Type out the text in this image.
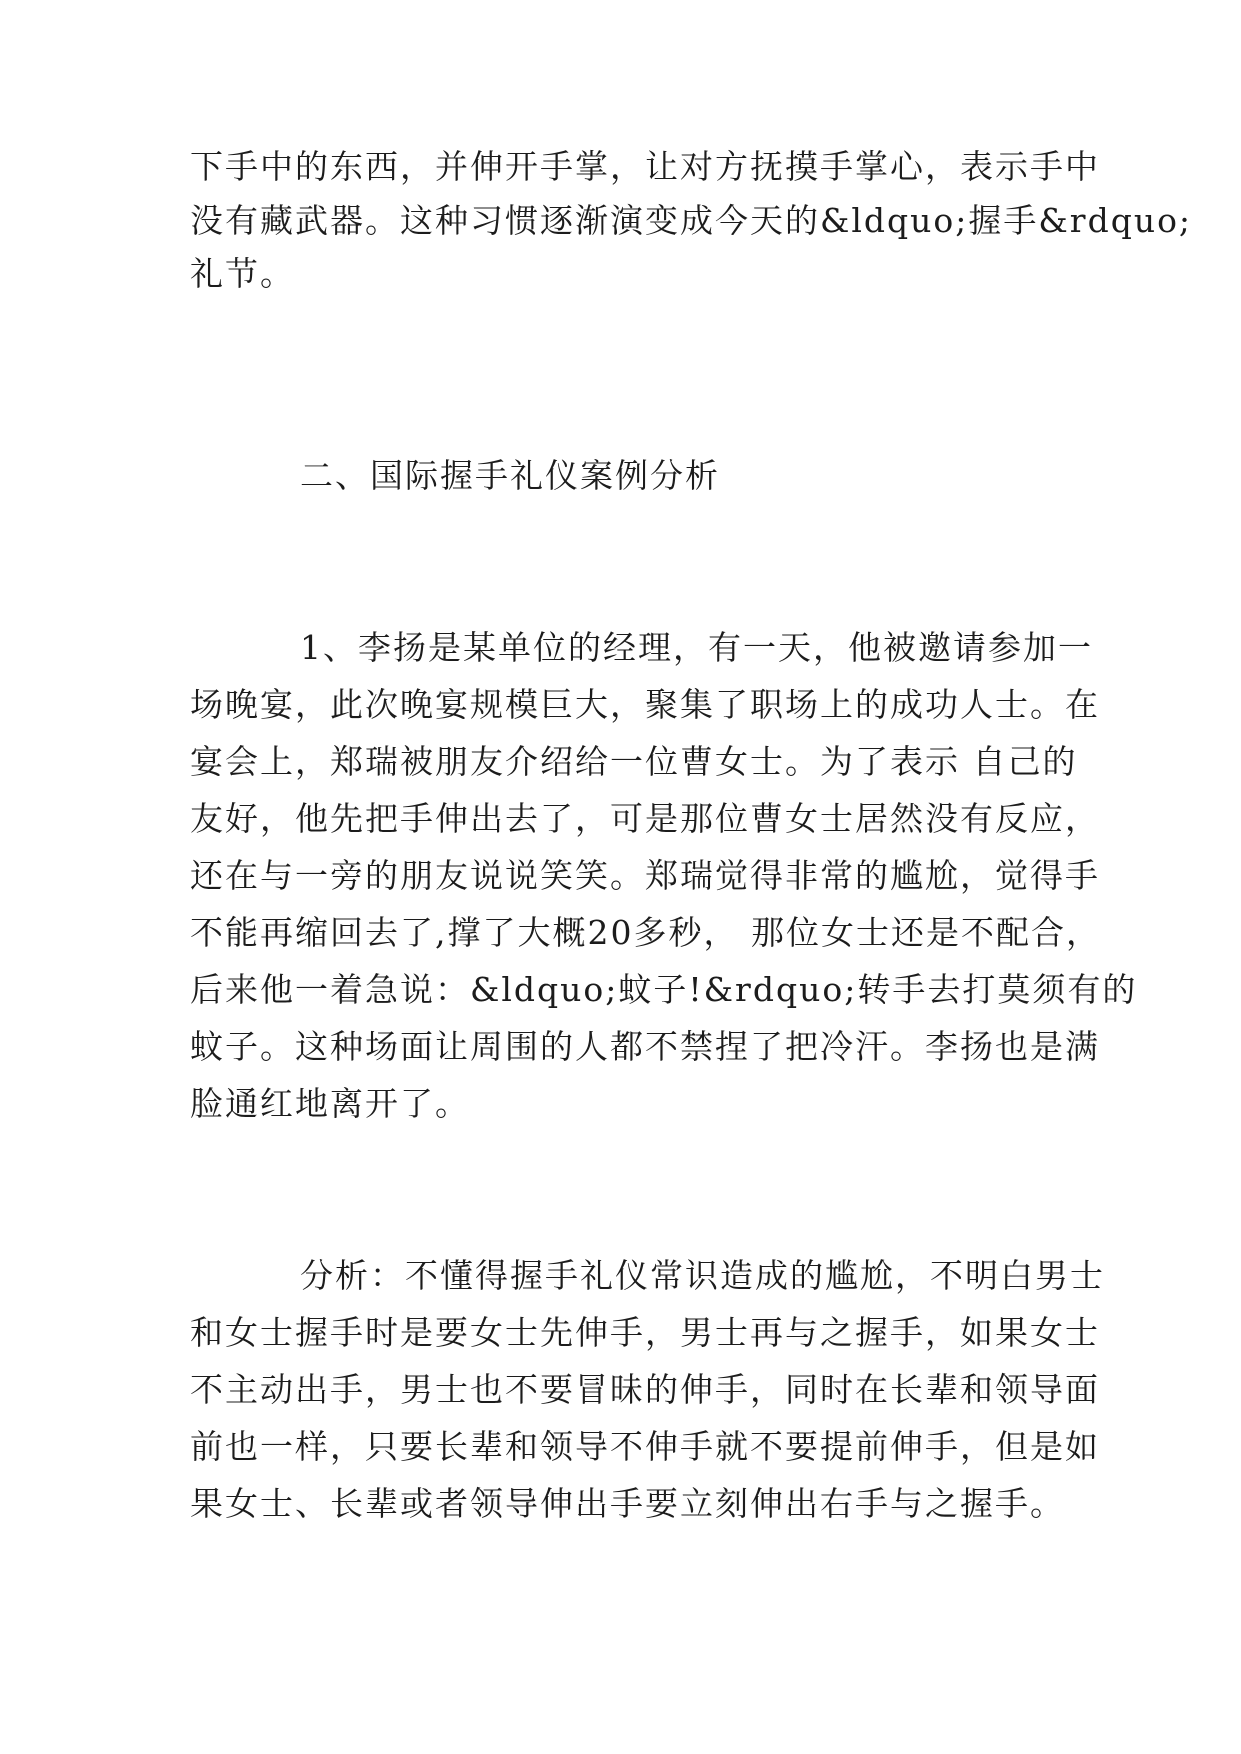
下手中的东西，并伸开手掌，让对方抚摸手掌心，表示手中
没有藏武器。这种习惯逐渐演变成今天的&ldquo;握手&rdquo;
礼节。
二、国际握手礼仪案例分析
1、李扬是某单位的经理，有一天，他被邀请参加一
场晚宴，此次晚宴规模巨大，聚集了职场上的成功人士。在
宴会上，郑瑞被朋友介绍给一位曹女士。为了表示 自己的
友好，他先把手伸出去了，可是那位曹女士居然没有反应，
还在与一旁的朋友说说笑笑。郑瑞觉得非常的尴尬，觉得手
不能再缩回去了,撑了大概20多秒， 那位女士还是不配合，
后来他一着急说：&ldquo;蚊子!&rdquo;转手去打莫须有的
蚊子。这种场面让周围的人都不禁捏了把冷汗。李扬也是满
脸通红地离开了。
分析：不懂得握手礼仪常识造成的尴尬，不明白男士
和女士握手时是要女士先伸手，男士再与之握手，如果女士
不主动出手，男士也不要冒昧的伸手，同时在长辈和领导面
前也一样，只要长辈和领导不伸手就不要提前伸手，但是如
果女士、长辈或者领导伸出手要立刻伸出右手与之握手。
